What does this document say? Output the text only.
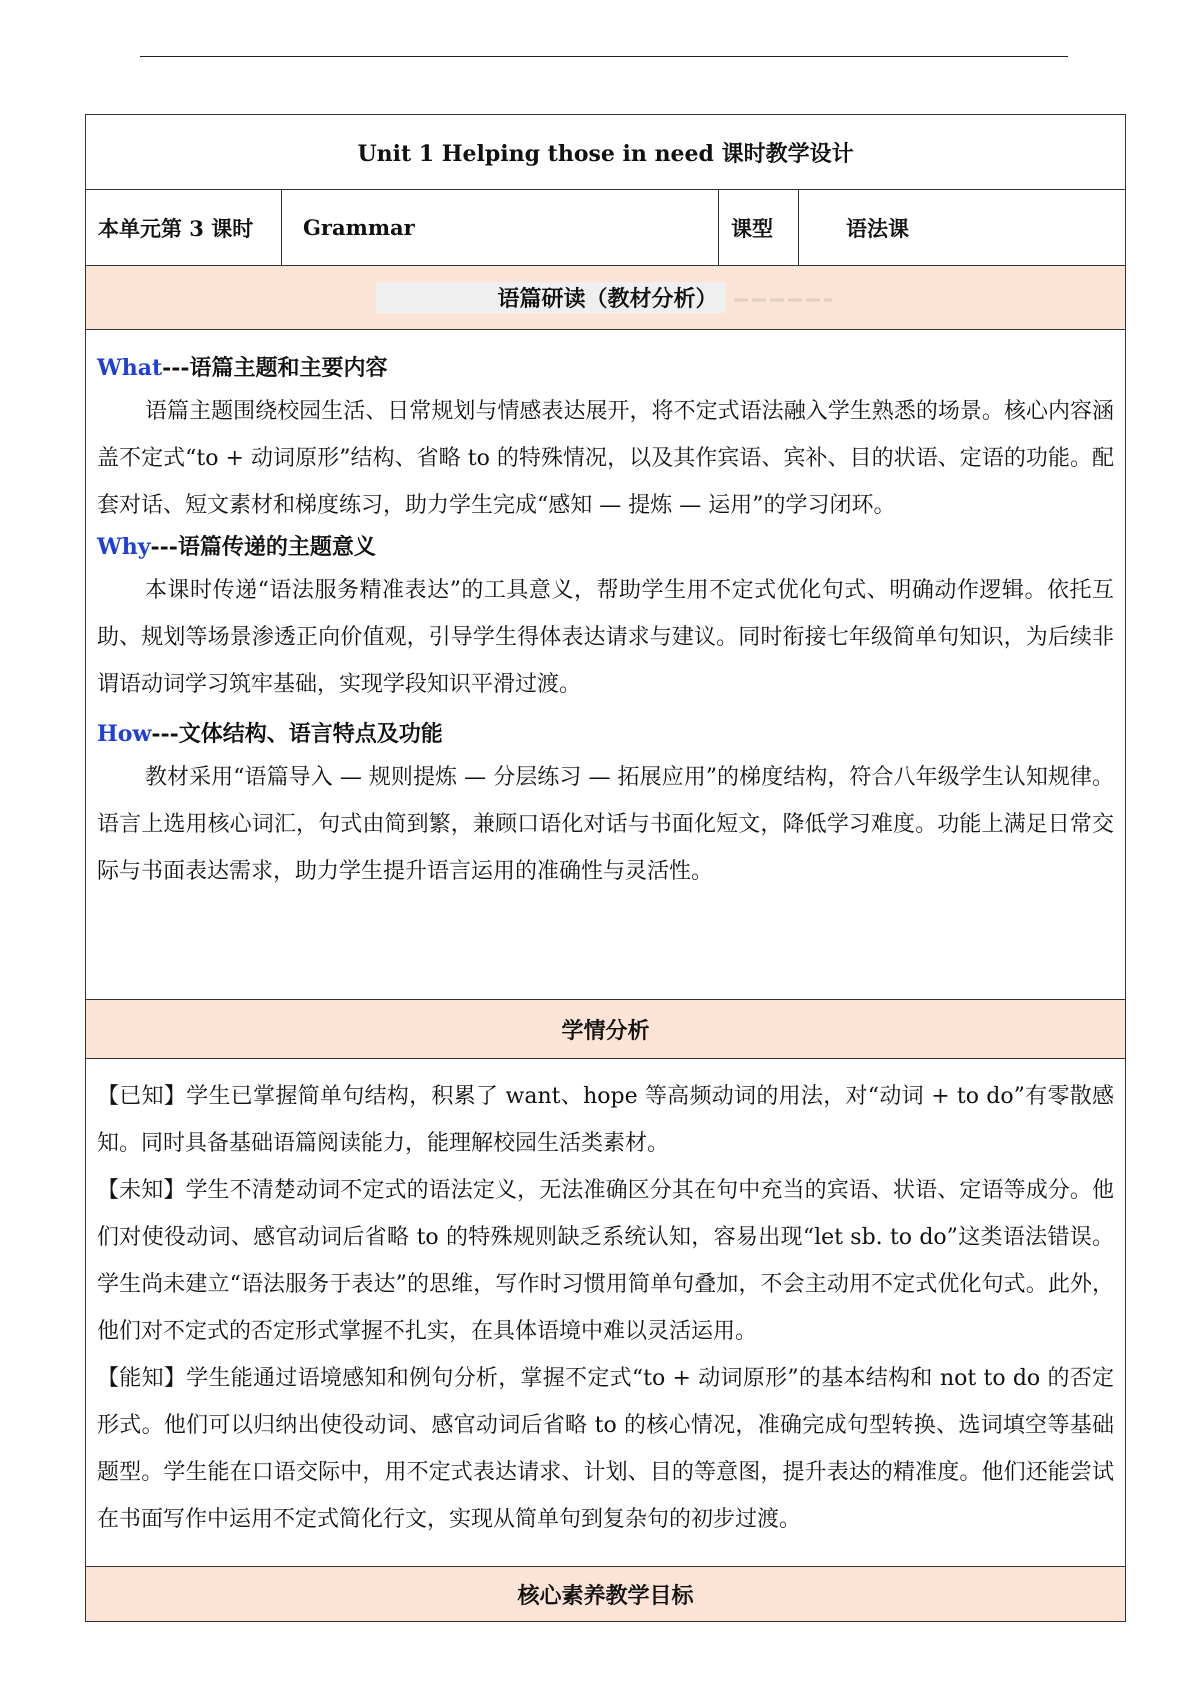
Unit 1 Helping those in need 课时教学设计
本单元第 3 课时	Grammar	课型	语法课
语篇研读（教材分析）

What---语篇主题和主要内容

语篇主题围绕校园生活、日常规划与情感表达展开，将不定式语法融入学生熟悉的场景。核心内容涵盖不定式“to + 动词原形”结构、省略 to 的特殊情况，以及其作宾语、宾补、目的状语、定语的功能。配套对话、短文素材和梯度练习，助力学生完成“感知 — 提炼 — 运用”的学习闭环。

Why---语篇传递的主题意义

本课时传递“语法服务精准表达”的工具意义，帮助学生用不定式优化句式、明确动作逻辑。依托互助、规划等场景渗透正向价值观，引导学生得体表达请求与建议。同时衔接七年级简单句知识，为后续非谓语动词学习筑牢基础，实现学段知识平滑过渡。

How---文体结构、语言特点及功能

教材采用“语篇导入 — 规则提炼 — 分层练习 — 拓展应用”的梯度结构，符合八年级学生认知规律。语言上选用核心词汇，句式由简到繁，兼顾口语化对话与书面化短文，降低学习难度。功能上满足日常交际与书面表达需求，助力学生提升语言运用的准确性与灵活性。

学情分析

【已知】学生已掌握简单句结构，积累了 want、hope 等高频动词的用法，对“动词 + to do”有零散感知。同时具备基础语篇阅读能力，能理解校园生活类素材。

【未知】学生不清楚动词不定式的语法定义，无法准确区分其在句中充当的宾语、状语、定语等成分。他们对使役动词、感官动词后省略 to 的特殊规则缺乏系统认知，容易出现“let sb. to do”这类语法错误。学生尚未建立“语法服务于表达”的思维，写作时习惯用简单句叠加，不会主动用不定式优化句式。此外，他们对不定式的否定形式掌握不扎实，在具体语境中难以灵活运用。

【能知】学生能通过语境感知和例句分析，掌握不定式“to + 动词原形”的基本结构和 not to do 的否定形式。他们可以归纳出使役动词、感官动词后省略 to 的核心情况，准确完成句型转换、选词填空等基础题型。学生能在口语交际中，用不定式表达请求、计划、目的等意图，提升表达的精准度。他们还能尝试在书面写作中运用不定式简化行文，实现从简单句到复杂句的初步过渡。

核心素养教学目标
